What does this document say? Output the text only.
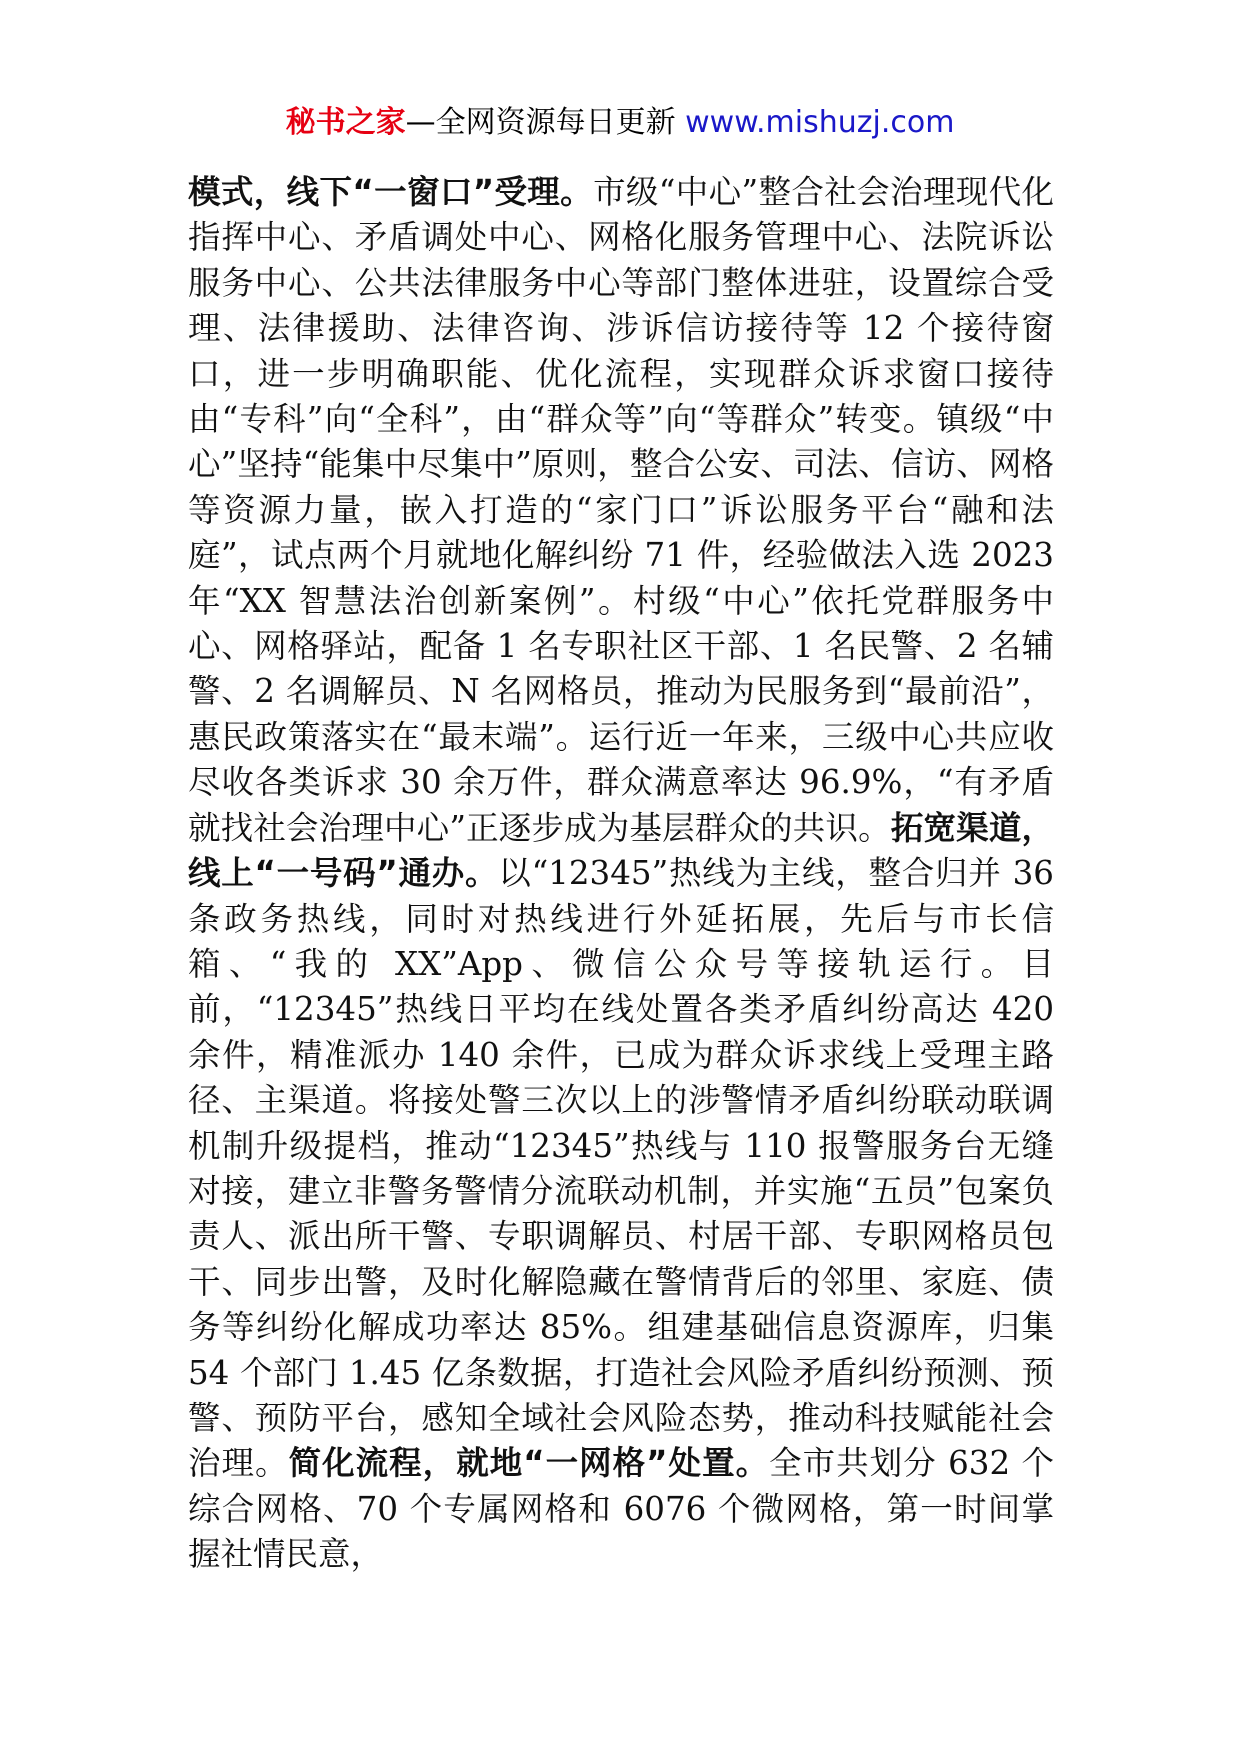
秘书之家—全网资源每日更新 www.mishuzj.com
模式，线下“一窗口”受理。市级“中心”整合社会治理现代化指挥中心、矛盾调处中心、网格化服务管理中心、法院诉讼服务中心、公共法律服务中心等部门整体进驻，设置综合受理、法律援助、法律咨询、涉诉信访接待等 12 个接待窗口，进一步明确职能、优化流程，实现群众诉求窗口接待由“专科”向“全科”，由“群众等”向“等群众”转变。镇级“中心”坚持“能集中尽集中”原则，整合公安、司法、信访、网格等资源力量，嵌入打造的“家门口”诉讼服务平台“融和法庭”，试点两个月就地化解纠纷 71 件，经验做法入选 2023 年“XX 智慧法治创新案例”。村级“中心”依托党群服务中心、网格驿站，配备 1 名专职社区干部、1 名民警、2 名辅警、2 名调解员、N 名网格员，推动为民服务到“最前沿”，惠民政策落实在“最末端”。运行近一年来，三级中心共应收尽收各类诉求 30 余万件，群众满意率达 96.9%，“有矛盾就找社会治理中心”正逐步成为基层群众的共识。拓宽渠道，线上“一号码”通办。以“12345”热线为主线，整合归并 36 条政务热线，同时对热线进行外延拓展，先后与市长信箱、“我的 XX”App、微信公众号等接轨运行。目前，“12345”热线日平均在线处置各类矛盾纠纷高达 420 余件，精准派办 140 余件，已成为群众诉求线上受理主路径、主渠道。将接处警三次以上的涉警情矛盾纠纷联动联调机制升级提档，推动“12345”热线与 110 报警服务台无缝对接，建立非警务警情分流联动机制，并实施“五员”包案负责人、派出所干警、专职调解员、村居干部、专职网格员包干、同步出警，及时化解隐藏在警情背后的邻里、家庭、债务等纠纷化解成功率达 85%。组建基础信息资源库，归集 54 个部门 1.45 亿条数据，打造社会风险矛盾纠纷预测、预警、预防平台，感知全域社会风险态势，推动科技赋能社会治理。简化流程，就地“一网格”处置。全市共划分 632 个综合网格、70 个专属网格和 6076 个微网格，第一时间掌握社情民意，
